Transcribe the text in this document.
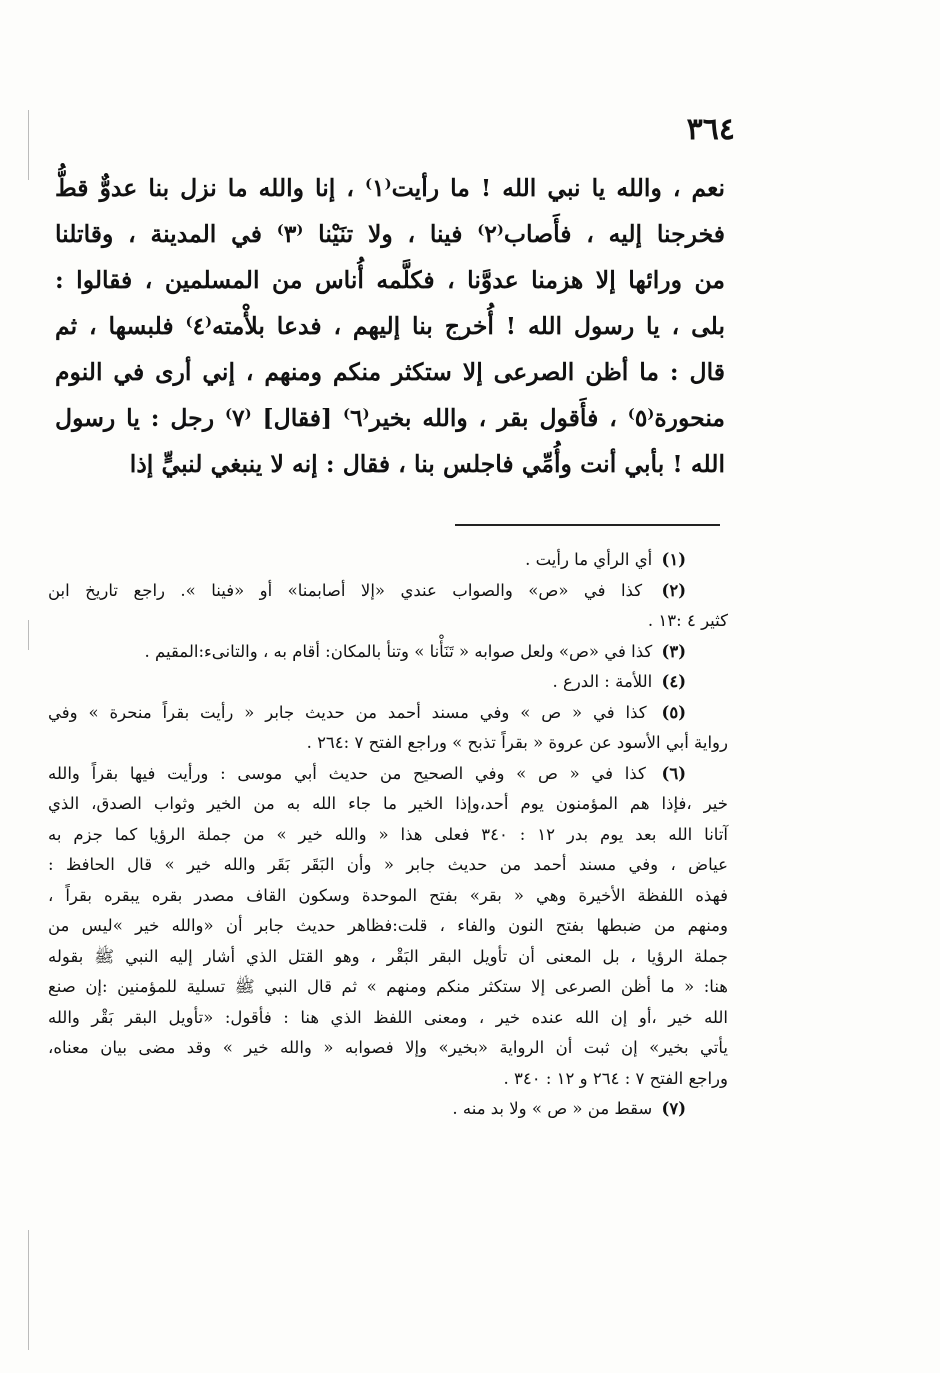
٣٦٤
نعم ، والله يا نبي الله ! ما رأيت⁽١⁾ ، إنا والله ما نزل بنا عدوٌّ قطُّ
فخرجنا إليه ، فأَصاب⁽٢⁾ فينا ، ولا تنَيْنا ⁽٣⁾ في المدينة ، وقاتلنا
من ورائها إلا هزمنا عدوَّنا ، فكلَّمه أُناس من المسلمين ، فقالوا :
بلى ، يا رسول الله ! أُخرج بنا إليهم ، فدعا بلأْمته⁽٤⁾ فلبسها ، ثم
قال : ما أظن الصرعى إلا ستكثر منكم ومنهم ، إني أرى في النوم
منحورة⁽٥⁾ ، فأَقول بقر ، والله بخير⁽٦⁾ [فقال] ⁽٧⁾ رجل : يا رسول
الله ! بأبي أنت وأُمِّي فاجلس بنا ، فقال : إنه لا ينبغي لنبيٍّ إذا
(١) أي الرأي ما رأيت .
(٢) كذا في «ص» والصواب عندي «إلا أصابمنا» أو «فينا ». راجع تاريخ ابن
كثير ٤ :١٣ .
(٣) كذا في «ص» ولعل صوابه « تَنَأْنا » وتنأ بالمكان: أقام به ، والتانىء:المقيم .
(٤) اللأمة : الدرع .
(٥) كذا في « ص » وفي مسند أحمد من حديث جابر « رأيت بقراً منحرة » وفي
رواية أبي الأسود عن عروة « بقراً تذبح » وراجع الفتح ٧ :٢٦٤ .
(٦) كذا في « ص » وفي الصحيح من حديث أبي موسى : ورأيت فيها بقراً والله
خير ،فإذا هم المؤمنون يوم أحد،وإذا الخير ما جاء الله به من الخير وثواب الصدق، الذي
آتانا الله بعد يوم بدر ١٢ : ٣٤٠ فعلى هذا « والله خير » من جملة الرؤيا كما جزم به
عياض ، وفي مسند أحمد من حديث جابر « وأن البَقَر بَقَر والله خير » قال الحافظ :
فهذه اللفظة الأخيرة وهي « بقر» بفتح الموحدة وسكون القاف مصدر بقره يبقره بقراً ،
ومنهم من ضبطها بفتح النون والفاء ، قلت:فظاهر حديث جابر أن «والله خير »ليس من
جملة الرؤيا ، بل المعنى أن تأويل البقر البَقْر ، وهو القتل الذي أشار إليه النبي ﷺ بقوله
هنا: « ما أظن الصرعى إلا ستكثر منكم ومنهم » ثم قال النبي ﷺ تسلية للمؤمنين :إن صنع
الله خير ،أو إن الله عنده خير ، ومعنى اللفظ الذي هنا : فأقول: «تأويل البقر بَقْر والله
يأتي بخير» إن ثبت أن الرواية «بخير» وإلا فصوابه « والله خير » وقد مضى بيان معناه،
وراجع الفتح ٧ : ٢٦٤ و ١٢ : ٣٤٠ .
(٧) سقط من « ص » ولا بد منه .
